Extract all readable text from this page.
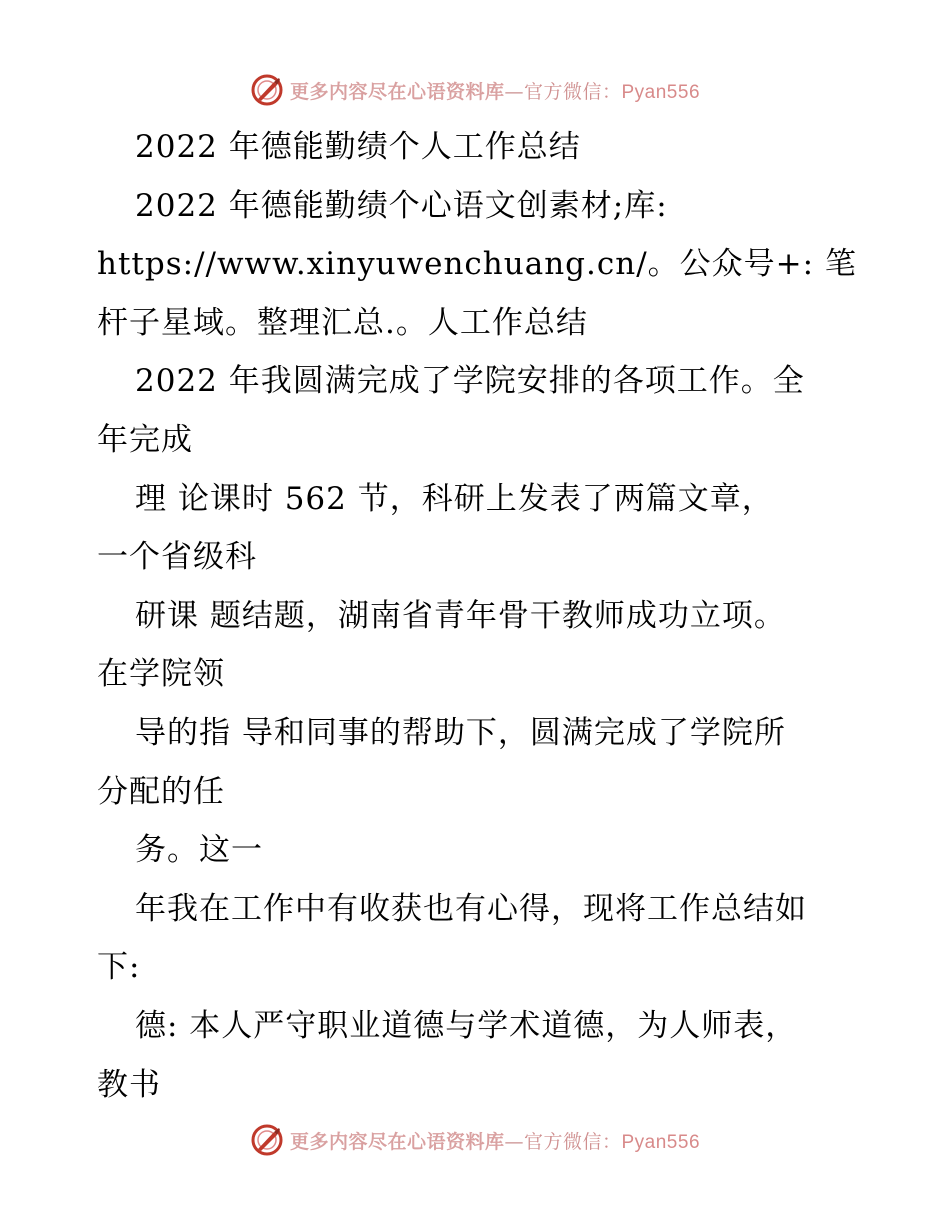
更多内容尽在心语资料库—官方微信：Pyan556
2022 年德能勤绩个人工作总结
2022 年德能勤绩个心语文创素材;库:
https://www.xinyuwenchuang.cn/。公众号+: 笔
杆子星域。整理汇总.。人工作总结
2022 年我圆满完成了学院安排的各项工作。全
年完成
理 论课时 562 节，科研上发表了两篇文章，
一个省级科
研课 题结题，湖南省青年骨干教师成功立项。
在学院领
导的指 导和同事的帮助下，圆满完成了学院所
分配的任
务。这一
年我在工作中有收获也有心得，现将工作总结如
下:
德: 本人严守职业道德与学术道德，为人师表，
教书
更多内容尽在心语资料库—官方微信：Pyan556
